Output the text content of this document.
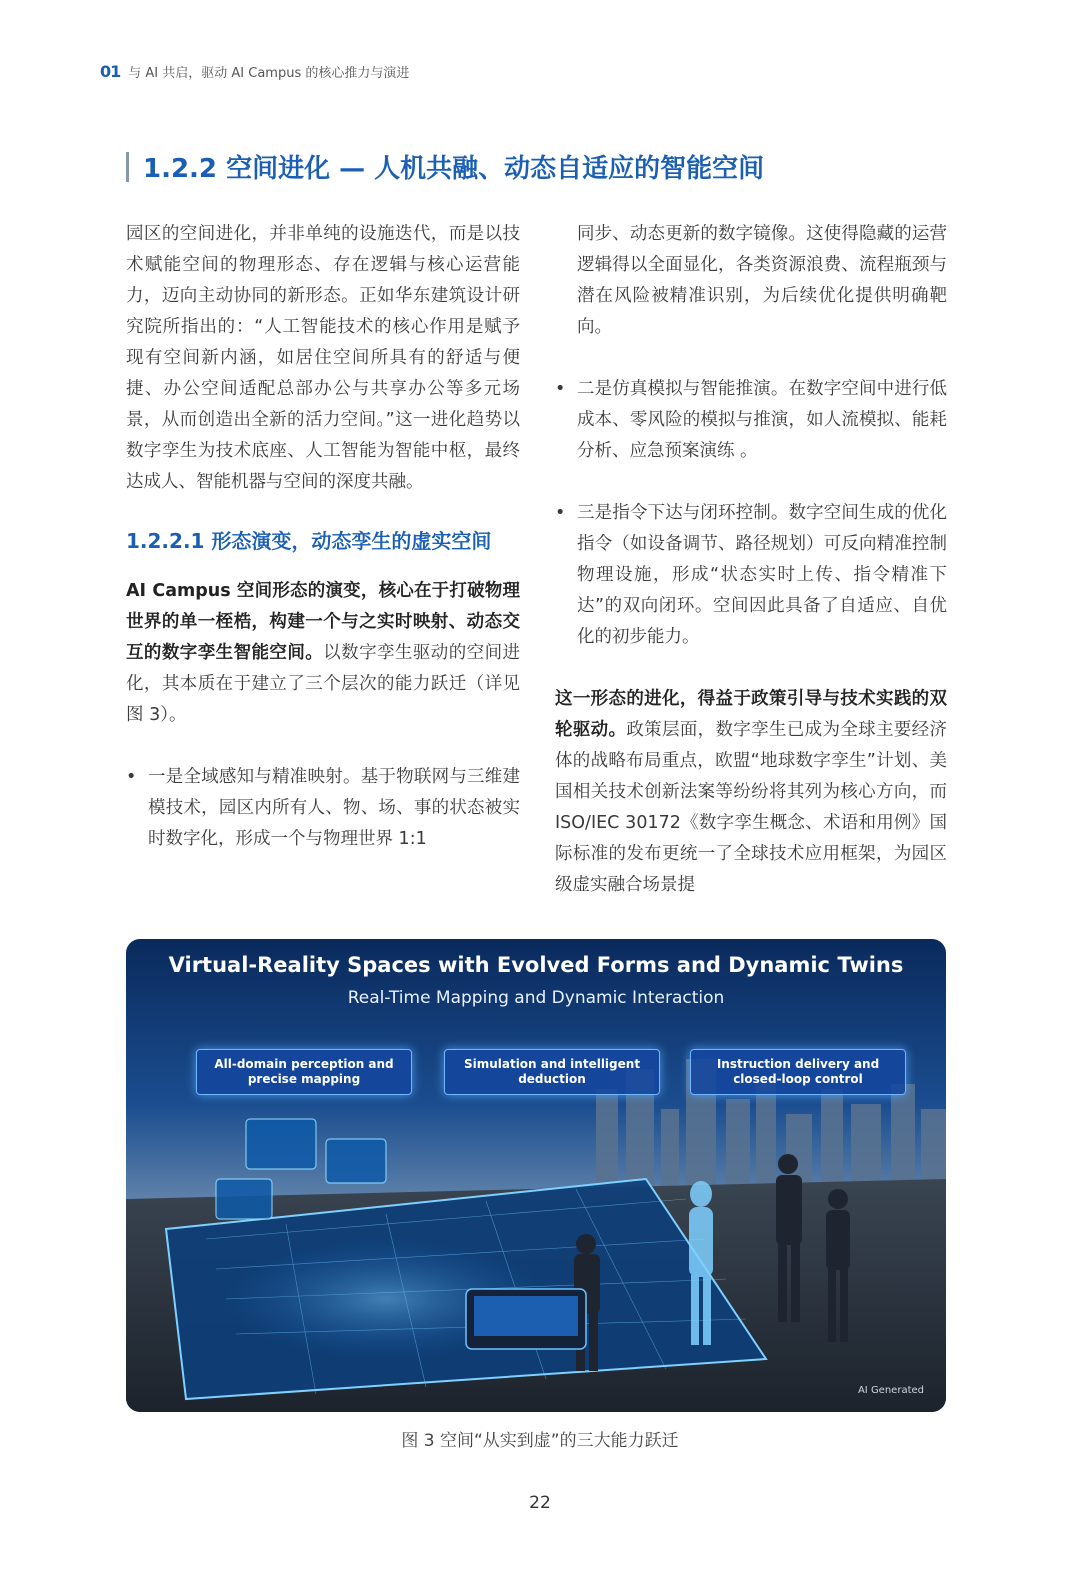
01 与 AI 共启，驱动 AI Campus 的核心推力与演进
1.2.2 空间进化 — 人机共融、动态自适应的智能空间

园区的空间进化，并非单纯的设施迭代，而是以技术赋能空间的物理形态、存在逻辑与核心运营能力，迈向主动协同的新形态。正如华东建筑设计研究院所指出的：“人工智能技术的核心作用是赋予现有空间新内涵，如居住空间所具有的舒适与便捷、办公空间适配总部办公与共享办公等多元场景，从而创造出全新的活力空间。”这一进化趋势以数字孪生为技术底座、人工智能为智能中枢，最终达成人、智能机器与空间的深度共融。

1.2.2.1 形态演变，动态孪生的虚实空间

AI Campus 空间形态的演变，核心在于打破物理世界的单一桎梏，构建一个与之实时映射、动态交互的数字孪生智能空间。以数字孪生驱动的空间进化，其本质在于建立了三个层次的能力跃迁（详见图 3）。

• 一是全域感知与精准映射。基于物联网与三维建模技术，园区内所有人、物、场、事的状态被实时数字化，形成一个与物理世界 1:1

同步、动态更新的数字镜像。这使得隐藏的运营逻辑得以全面显化，各类资源浪费、流程瓶颈与潜在风险被精准识别，为后续优化提供明确靶向。

• 二是仿真模拟与智能推演。在数字空间中进行低成本、零风险的模拟与推演，如人流模拟、能耗分析、应急预案演练 。

• 三是指令下达与闭环控制。数字空间生成的优化指令（如设备调节、路径规划）可反向精准控制物理设施，形成“状态实时上传、指令精准下达”的双向闭环。空间因此具备了自适应、自优化的初步能力。

这一形态的进化，得益于政策引导与技术实践的双轮驱动。政策层面，数字孪生已成为全球主要经济体的战略布局重点，欧盟“地球数字孪生”计划、美国相关技术创新法案等纷纷将其列为核心方向，而 ISO/IEC 30172《数字孪生概念、术语和用例》国际标准的发布更统一了全球技术应用框架，为园区级虚实融合场景提

Virtual-Reality Spaces with Evolved Forms and Dynamic Twins
Real-Time Mapping and Dynamic Interaction
All-domain perception and precise mapping
Simulation and intelligent deduction
Instruction delivery and closed-loop control
AI Generated
图 3 空间“从实到虚”的三大能力跃迁
22
